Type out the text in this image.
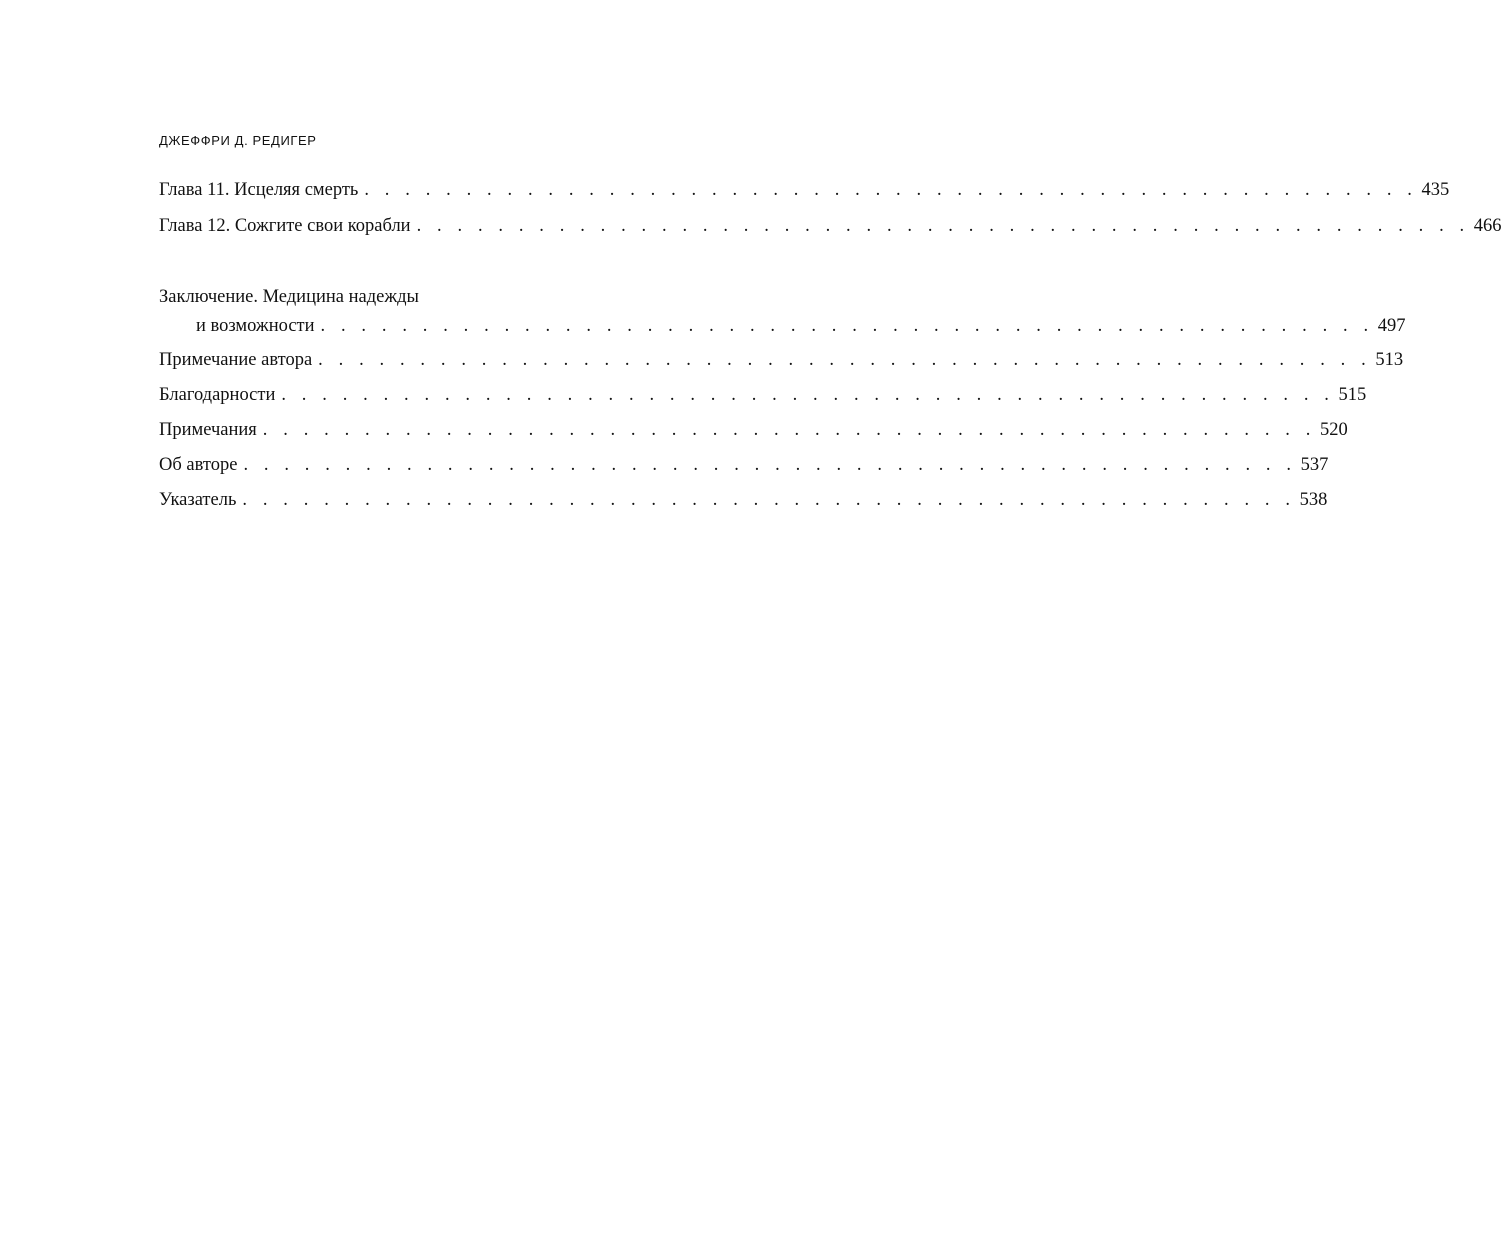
ДЖЕФФРИ Д. РЕДИГЕР
Глава 11. Исцеляя смерть . . . . . . . . . . . . . . . . . . . . . . . . . . . . . . . . . . . . . . . . . . . . . . . . . . . . 435
Глава 12. Сожгите свои корабли . . . . . . . . . . . . . . . . . . . . . . . . . . . . . . . . . . . . . . . . . . . . . . . . . . . . 466
Заключение. Медицина надежды
и возможности . . . . . . . . . . . . . . . . . . . . . . . . . . . . . . . . . . . . . . . . . . . . . . . . . . . . 497
Примечание автора . . . . . . . . . . . . . . . . . . . . . . . . . . . . . . . . . . . . . . . . . . . . . . . . . . . . 513
Благодарности . . . . . . . . . . . . . . . . . . . . . . . . . . . . . . . . . . . . . . . . . . . . . . . . . . . . 515
Примечания . . . . . . . . . . . . . . . . . . . . . . . . . . . . . . . . . . . . . . . . . . . . . . . . . . . . 520
Об авторе . . . . . . . . . . . . . . . . . . . . . . . . . . . . . . . . . . . . . . . . . . . . . . . . . . . . 537
Указатель . . . . . . . . . . . . . . . . . . . . . . . . . . . . . . . . . . . . . . . . . . . . . . . . . . . . 538
